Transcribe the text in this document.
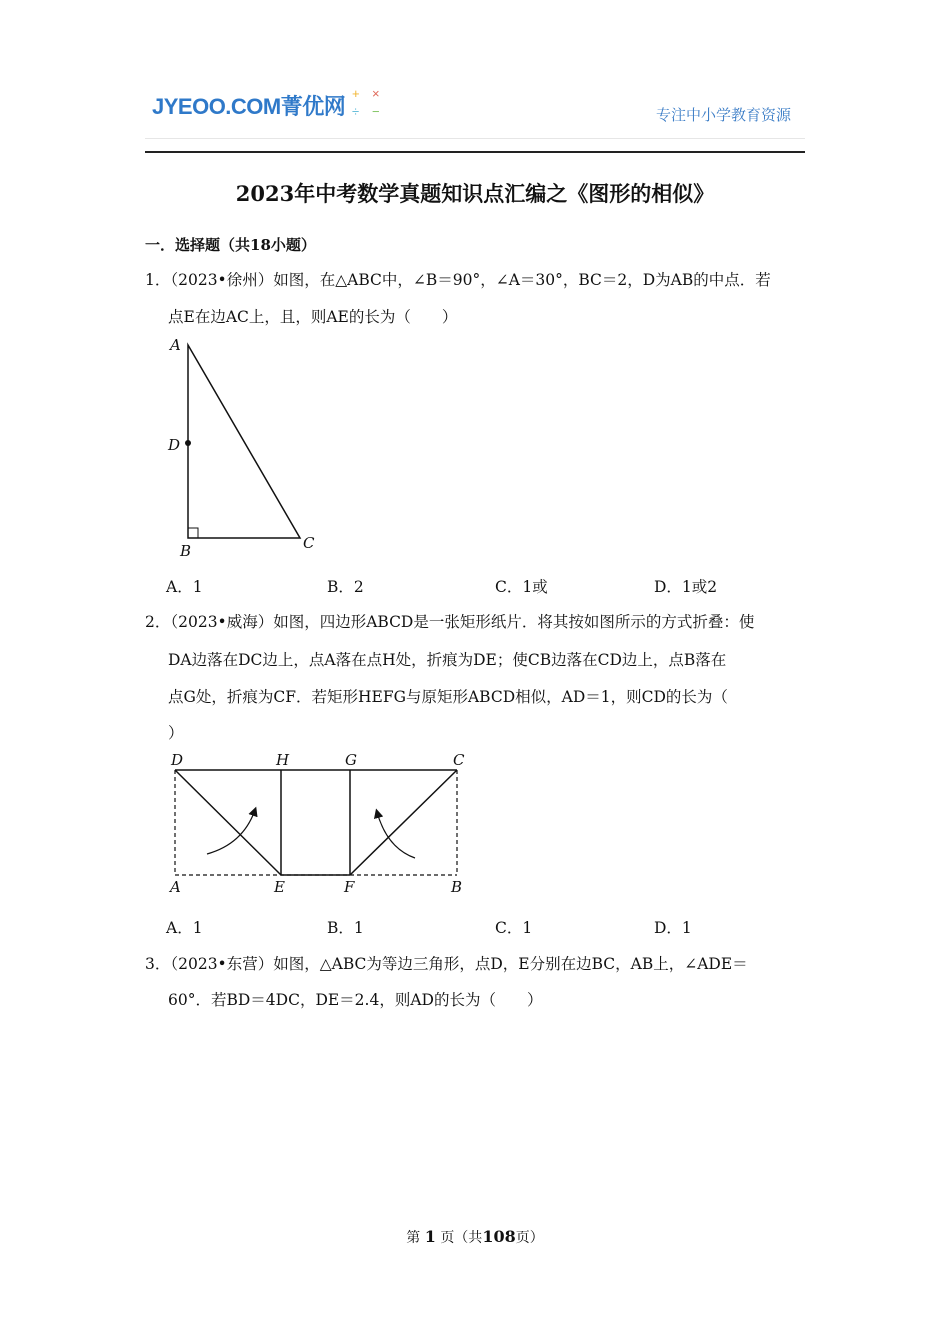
JYEOO.COM菁优网
+ ×
÷ −	专注中小学教育资源
2023年中考数学真题知识点汇编之《图形的相似》
一．选择题（共18小题）
1．（2023•徐州）如图，在△ABC中，∠B＝90°，∠A＝30°，BC＝2，D为AB的中点．若
点E在边AC上，且，则AE的长为（　　）
A
D
B	C
A．1	B．2	C．1或	D．1或2
2．（2023•威海）如图，四边形ABCD是一张矩形纸片．将其按如图所示的方式折叠：使
DA边落在DC边上，点A落在点H处，折痕为DE；使CB边落在CD边上，点B落在
点G处，折痕为CF．若矩形HEFG与原矩形ABCD相似，AD＝1，则CD的长为（
）
D	H	G	C
A	E	F	B
A．1	B．1	C．1	D．1
3．（2023•东营）如图，△ABC为等边三角形，点D，E分别在边BC，AB上，∠ADE＝
60°．若BD＝4DC，DE＝2.4，则AD的长为（　　）
第 1 页（共108页）
